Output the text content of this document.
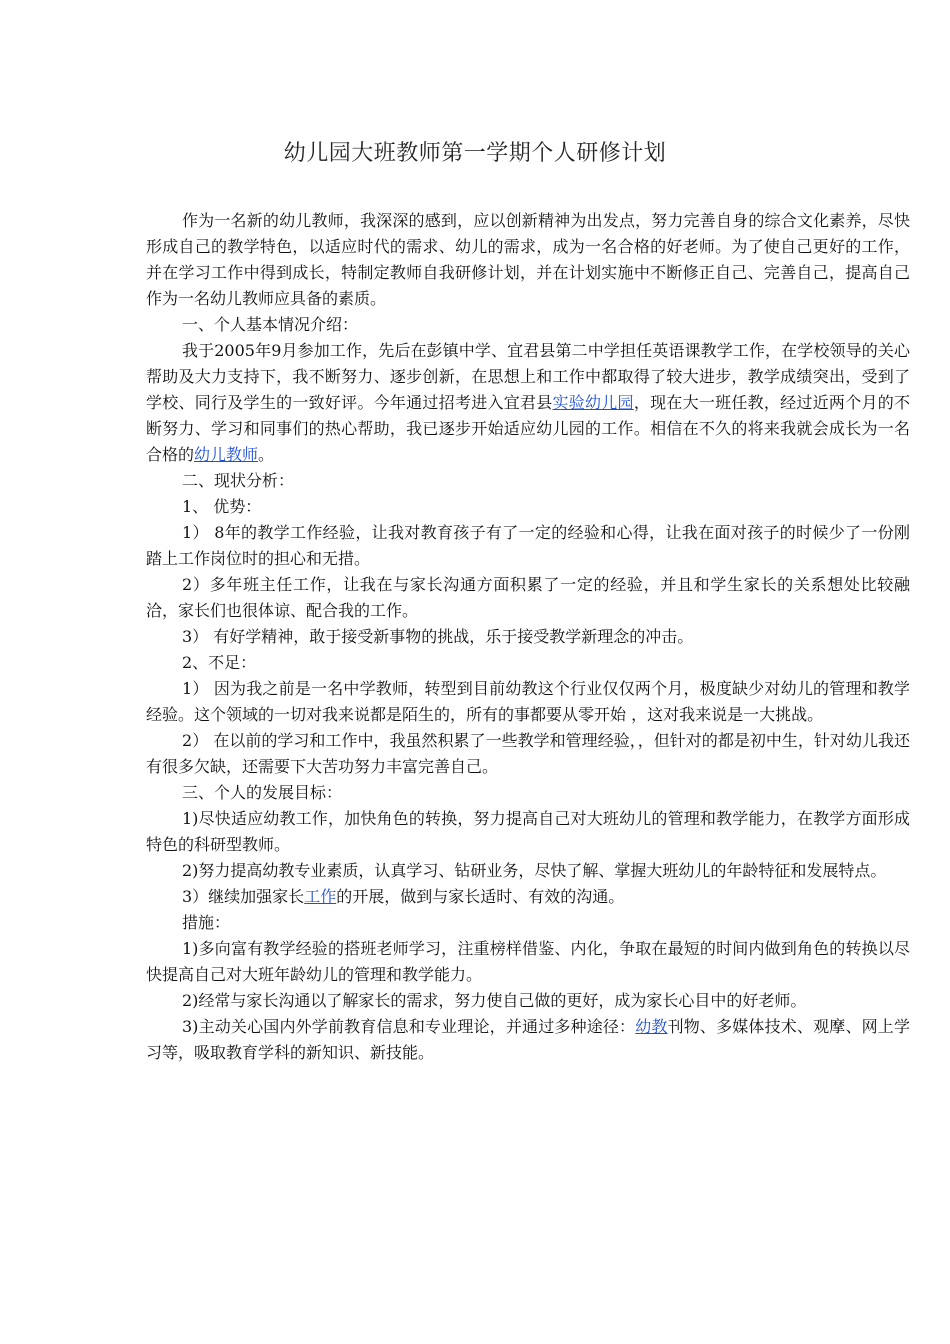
幼儿园大班教师第一学期个人研修计划

作为一名新的幼儿教师，我深深的感到，应以创新精神为出发点，努力完善自身的综合文化素养，尽快形成自己的教学特色，以适应时代的需求、幼儿的需求，成为一名合格的好老师。为了使自己更好的工作，并在学习工作中得到成长，特制定教师自我研修计划，并在计划实施中不断修正自己、完善自己，提高自己作为一名幼儿教师应具备的素质。

一、个人基本情况介绍：

我于2005年9月参加工作，先后在彭镇中学、宜君县第二中学担任英语课教学工作，在学校领导的关心帮助及大力支持下，我不断努力、逐步创新，在思想上和工作中都取得了较大进步，教学成绩突出，受到了学校、同行及学生的一致好评。今年通过招考进入宜君县实验幼儿园，现在大一班任教，经过近两个月的不断努力、学习和同事们的热心帮助，我已逐步开始适应幼儿园的工作。相信在不久的将来我就会成长为一名合格的幼儿教师。

二、现状分析：

1、 优势：

1） 8年的教学工作经验，让我对教育孩子有了一定的经验和心得，让我在面对孩子的时候少了一份刚踏上工作岗位时的担心和无措。

2）多年班主任工作，让我在与家长沟通方面积累了一定的经验，并且和学生家长的关系想处比较融洽，家长们也很体谅、配合我的工作。

3） 有好学精神，敢于接受新事物的挑战，乐于接受教学新理念的冲击。

2、不足：

1） 因为我之前是一名中学教师，转型到目前幼教这个行业仅仅两个月，极度缺少对幼儿的管理和教学经验。这个领域的一切对我来说都是陌生的，所有的事都要从零开始 ，这对我来说是一大挑战。

2） 在以前的学习和工作中，我虽然积累了一些教学和管理经验，，但针对的都是初中生，针对幼儿我还有很多欠缺，还需要下大苦功努力丰富完善自己。

三、个人的发展目标：

1)尽快适应幼教工作，加快角色的转换，努力提高自己对大班幼儿的管理和教学能力，在教学方面形成特色的科研型教师。

2)努力提高幼教专业素质，认真学习、钻研业务，尽快了解、掌握大班幼儿的年龄特征和发展特点。

3）继续加强家长工作的开展，做到与家长适时、有效的沟通。

措施：

1)多向富有教学经验的搭班老师学习，注重榜样借鉴、内化，争取在最短的时间内做到角色的转换以尽快提高自己对大班年龄幼儿的管理和教学能力。

2)经常与家长沟通以了解家长的需求，努力使自己做的更好，成为家长心目中的好老师。

3)主动关心国内外学前教育信息和专业理论，并通过多种途径：幼教刊物、多媒体技术、观摩、网上学习等，吸取教育学科的新知识、新技能。
